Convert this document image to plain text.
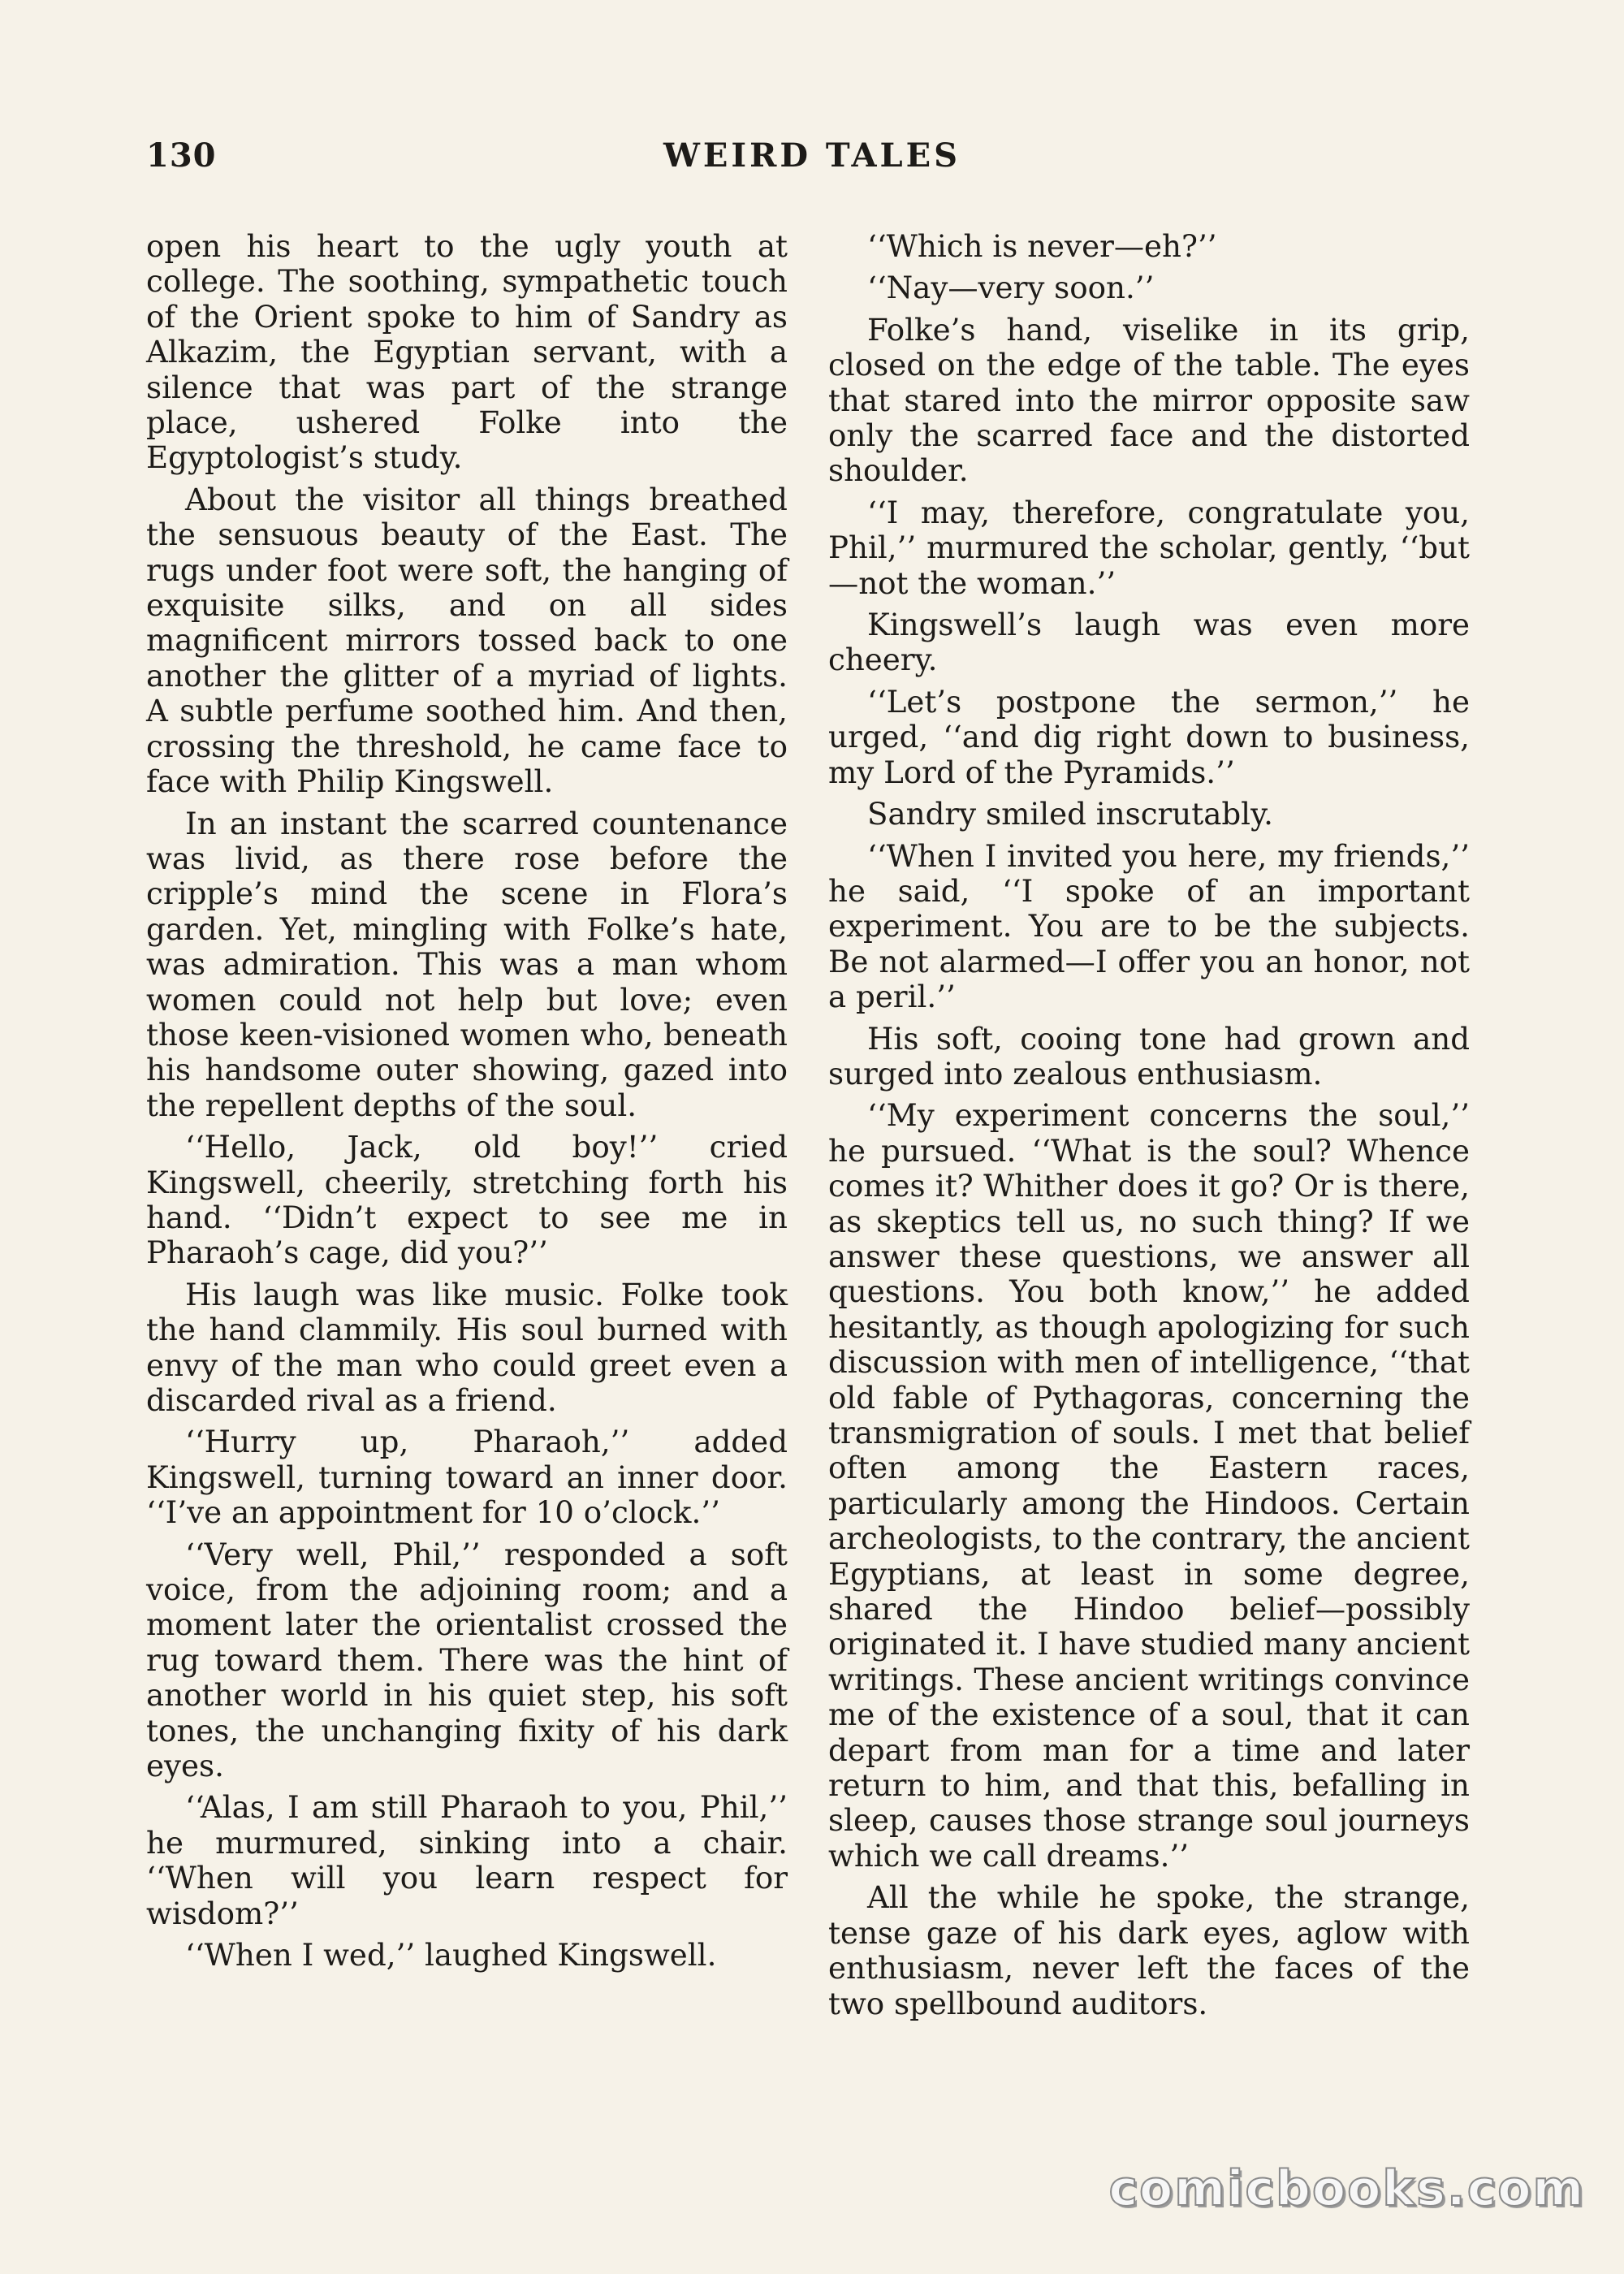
130	WEIRD TALES

open his heart to the ugly youth at college. The soothing, sympathetic touch of the Orient spoke to him of Sandry as Alkazim, the Egyptian servant, with a silence that was part of the strange place, ushered Folke into the Egyptologist’s study.

About the visitor all things breathed the sensuous beauty of the East. The rugs under foot were soft, the hanging of exquisite silks, and on all sides magnificent mirrors tossed back to one another the glitter of a myriad of lights. A subtle perfume soothed him. And then, crossing the threshold, he came face to face with Philip Kingswell.

In an instant the scarred countenance was livid, as there rose before the cripple’s mind the scene in Flora’s garden. Yet, mingling with Folke’s hate, was admiration. This was a man whom women could not help but love; even those keen-visioned women who, beneath his handsome outer showing, gazed into the repellent depths of the soul.

‘‘Hello, Jack, old boy!’’ cried Kingswell, cheerily, stretching forth his hand. ‘‘Didn’t expect to see me in Pharaoh’s cage, did you?’’

His laugh was like music. Folke took the hand clammily. His soul burned with envy of the man who could greet even a discarded rival as a friend.

‘‘Hurry up, Pharaoh,’’ added Kingswell, turning toward an inner door. ‘‘I’ve an appointment for 10 o’clock.’’

‘‘Very well, Phil,’’ responded a soft voice, from the adjoining room; and a moment later the orientalist crossed the rug toward them. There was the hint of another world in his quiet step, his soft tones, the unchanging fixity of his dark eyes.

‘‘Alas, I am still Pharaoh to you, Phil,’’ he murmured, sinking into a chair. ‘‘When will you learn respect for wisdom?’’

‘‘When I wed,’’ laughed Kingswell.

‘‘Which is never—eh?’’

‘‘Nay—very soon.’’

Folke’s hand, viselike in its grip, closed on the edge of the table. The eyes that stared into the mirror opposite saw only the scarred face and the distorted shoulder.

‘‘I may, therefore, congratulate you, Phil,’’ murmured the scholar, gently, ‘‘but—not the woman.’’

Kingswell’s laugh was even more cheery.

‘‘Let’s postpone the sermon,’’ he urged, ‘‘and dig right down to business, my Lord of the Pyramids.’’

Sandry smiled inscrutably.

‘‘When I invited you here, my friends,’’ he said, ‘‘I spoke of an important experiment. You are to be the subjects. Be not alarmed—I offer you an honor, not a peril.’’

His soft, cooing tone had grown and surged into zealous enthusiasm.

‘‘My experiment concerns the soul,’’ he pursued. ‘‘What is the soul? Whence comes it? Whither does it go? Or is there, as skeptics tell us, no such thing? If we answer these questions, we answer all questions. You both know,’’ he added hesitantly, as though apologizing for such discussion with men of intelligence, ‘‘that old fable of Pythagoras, concerning the transmigration of souls. I met that belief often among the Eastern races, particularly among the Hindoos. Certain archeologists, to the contrary, the ancient Egyptians, at least in some degree, shared the Hindoo belief—possibly originated it. I have studied many ancient writings. These ancient writings convince me of the existence of a soul, that it can depart from man for a time and later return to him, and that this, befalling in sleep, causes those strange soul journeys which we call dreams.’’

All the while he spoke, the strange, tense gaze of his dark eyes, aglow with enthusiasm, never left the faces of the two spellbound auditors.

comicbooks.com
